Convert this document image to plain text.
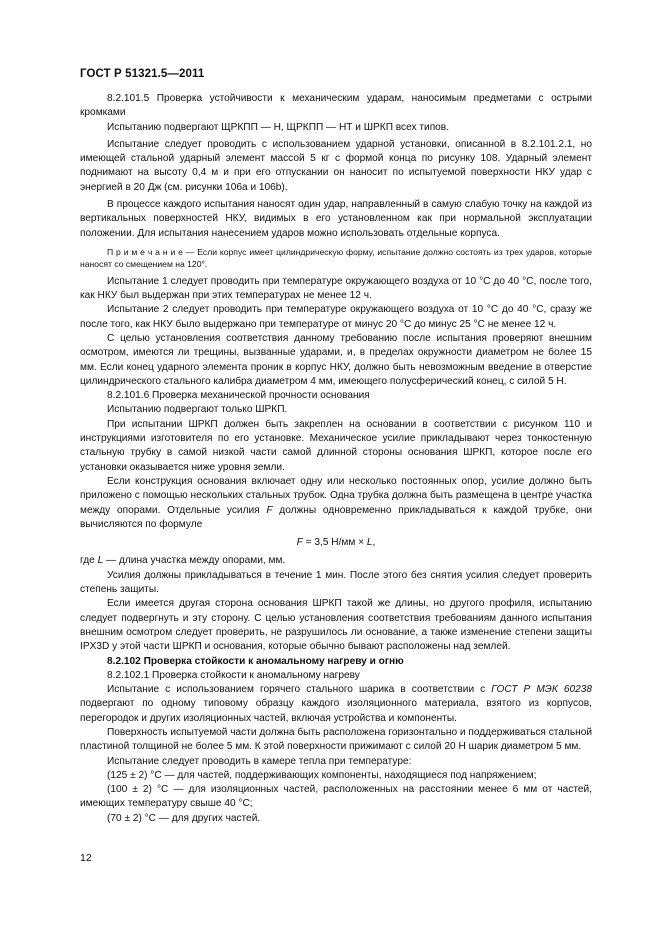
ГОСТ Р 51321.5—2011

8.2.101.5 Проверка устойчивости к механическим ударам, наносимым предметами с острыми кромками

Испытанию подвергают ЩРКПП — Н, ЩРКПП — НТ и ШРКП всех типов.

Испытание следует проводить с использованием ударной установки, описанной в 8.2.101.2.1, но имеющей стальной ударный элемент массой 5 кг с формой конца по рисунку 108. Ударный элемент поднимают на высоту 0,4 м и при его отпускании он наносит по испытуемой поверхности НКУ удар с энергией в 20 Дж (см. рисунки 106a и 106b).

В процессе каждого испытания наносят один удар, направленный в самую слабую точку на каждой из вертикальных поверхностей НКУ, видимых в его установленном как при нормальной эксплуатации положении. Для испытания нанесением ударов можно использовать отдельные корпуса.

П р и м е ч а н и е — Если корпус имеет цилиндрическую форму, испытание должно состоять из трех ударов, которые наносят со смещением на 120°.

Испытание 1 следует проводить при температуре окружающего воздуха от 10 °С до 40 °С, после того, как НКУ был выдержан при этих температурах не менее 12 ч.

Испытание 2 следует проводить при температуре окружающего воздуха от 10 °С до 40 °С, сразу же после того, как НКУ было выдержано при температуре от минус 20 °С до минус 25 °С не менее 12 ч.

С целью установления соответствия данному требованию после испытания проверяют внешним осмотром, имеются ли трещины, вызванные ударами, и, в пределах окружности диаметром не более 15 мм. Если конец ударного элемента проник в корпус НКУ, должно быть невозможным введение в отверстие цилиндрического стального калибра диаметром 4 мм, имеющего полусферический конец, с силой 5 Н.

8.2.101.6 Проверка механической прочности основания

Испытанию подвергают только ШРКП.

При испытании ШРКП должен быть закреплен на основании в соответствии с рисунком 110 и инструкциями изготовителя по его установке. Механическое усилие прикладывают через тонкостенную стальную трубку в самой низкой части самой длинной стороны основания ШРКП, которое после его установки оказывается ниже уровня земли.

Если конструкция основания включает одну или несколько постоянных опор, усилие должно быть приложено с помощью нескольких стальных трубок. Одна трубка должна быть размещена в центре участка между опорами. Отдельные усилия F должны одновременно прикладываться к каждой трубке, они вычисляются по формуле

F = 3,5 Н/мм × L,

где L — длина участка между опорами, мм.

Усилия должны прикладываться в течение 1 мин. После этого без снятия усилия следует проверить степень защиты.

Если имеется другая сторона основания ШРКП такой же длины, но другого профиля, испытанию следует подвергнуть и эту сторону. С целью установления соответствия требованиям данного испытания внешним осмотром следует проверить, не разрушилось ли основание, а также изменение степени защиты IPX3D у этой части ШРКП и основания, которые обычно бывают расположены над землей.

8.2.102 Проверка стойкости к аномальному нагреву и огню

8.2.102.1 Проверка стойкости к аномальному нагреву

Испытание с использованием горячего стального шарика в соответствии с ГОСТ Р МЭК 60238 подвергают по одному типовому образцу каждого изоляционного материала, взятого из корпусов, перегородок и других изоляционных частей, включая устройства и компоненты.

Поверхность испытуемой части должна быть расположена горизонтально и поддерживаться стальной пластиной толщиной не более 5 мм. К этой поверхности прижимают с силой 20 Н шарик диаметром 5 мм.

Испытание следует проводить в камере тепла при температуре:

(125 ± 2) °С — для частей, поддерживающих компоненты, находящиеся под напряжением;

(100 ± 2) °С — для изоляционных частей, расположенных на расстоянии менее 6 мм от частей, имеющих температуру свыше 40 °С;

(70 ± 2) °С — для других частей.

12
